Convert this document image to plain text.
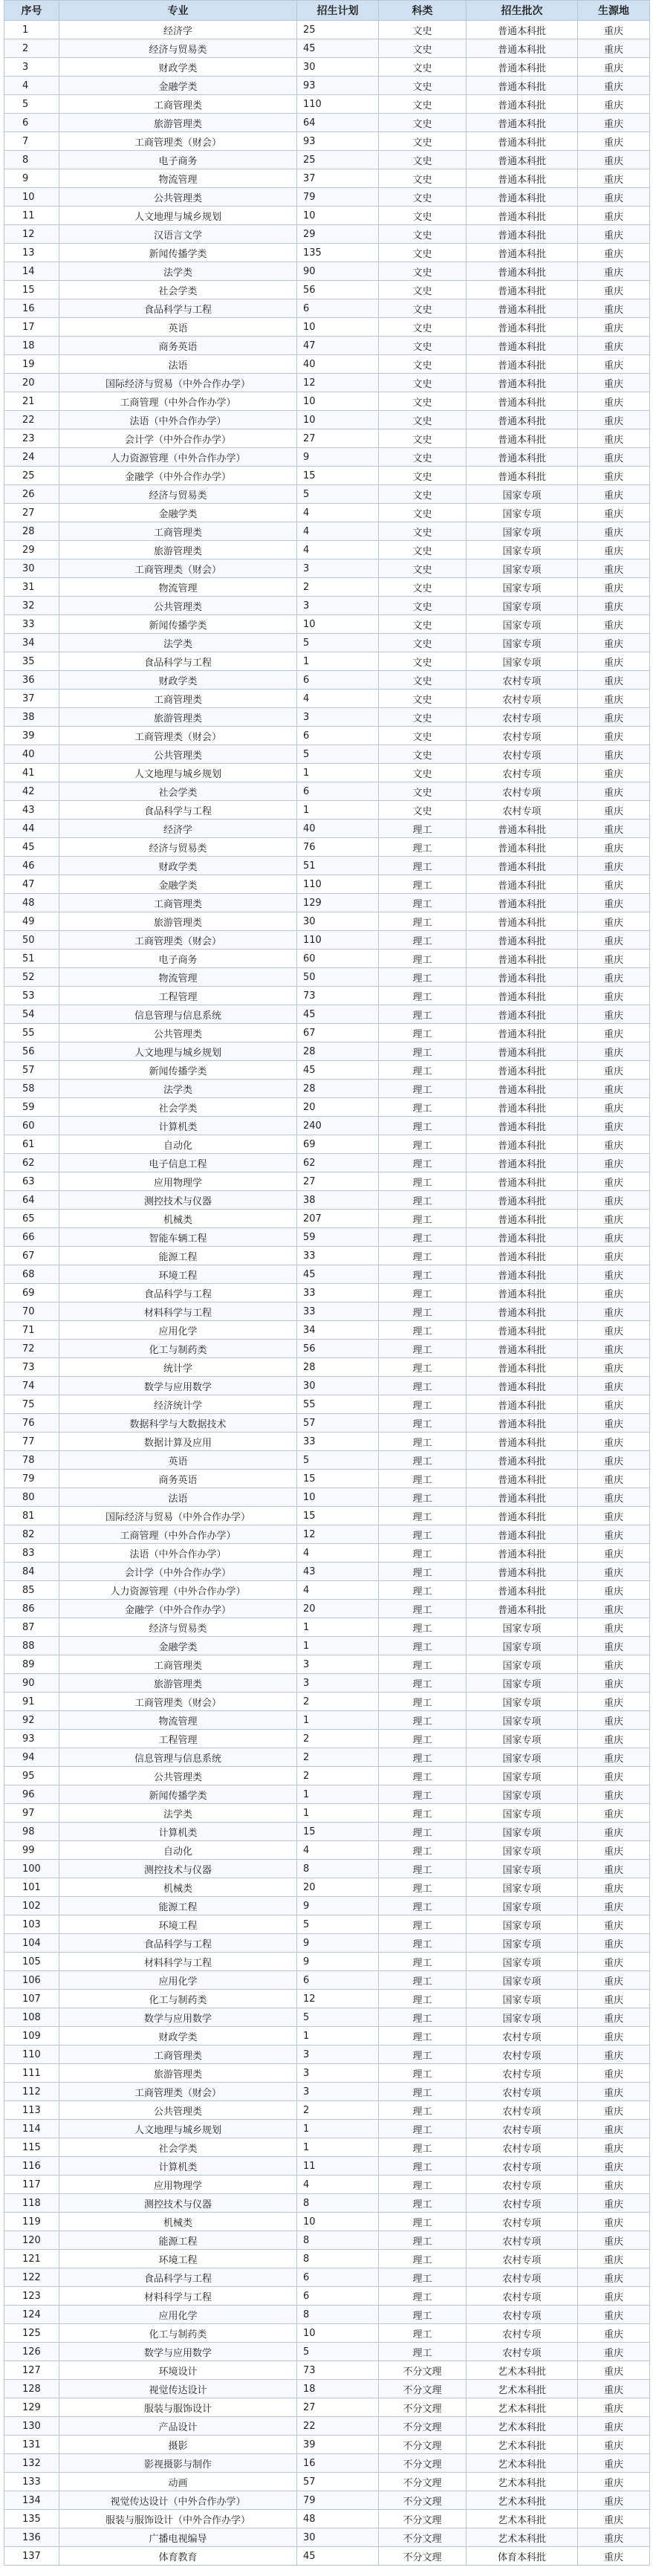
序号	专业	招生计划	科类	招生批次	生源地
1	经济学	25	文史	普通本科批	重庆
2	经济与贸易类	45	文史	普通本科批	重庆
3	财政学类	30	文史	普通本科批	重庆
4	金融学类	93	文史	普通本科批	重庆
5	工商管理类	110	文史	普通本科批	重庆
6	旅游管理类	64	文史	普通本科批	重庆
7	工商管理类（财会）	93	文史	普通本科批	重庆
8	电子商务	25	文史	普通本科批	重庆
9	物流管理	37	文史	普通本科批	重庆
10	公共管理类	79	文史	普通本科批	重庆
11	人文地理与城乡规划	10	文史	普通本科批	重庆
12	汉语言文学	29	文史	普通本科批	重庆
13	新闻传播学类	135	文史	普通本科批	重庆
14	法学类	90	文史	普通本科批	重庆
15	社会学类	56	文史	普通本科批	重庆
16	食品科学与工程	6	文史	普通本科批	重庆
17	英语	10	文史	普通本科批	重庆
18	商务英语	47	文史	普通本科批	重庆
19	法语	40	文史	普通本科批	重庆
20	国际经济与贸易（中外合作办学）	12	文史	普通本科批	重庆
21	工商管理（中外合作办学）	10	文史	普通本科批	重庆
22	法语（中外合作办学）	10	文史	普通本科批	重庆
23	会计学（中外合作办学）	27	文史	普通本科批	重庆
24	人力资源管理（中外合作办学）	9	文史	普通本科批	重庆
25	金融学（中外合作办学）	15	文史	普通本科批	重庆
26	经济与贸易类	5	文史	国家专项	重庆
27	金融学类	4	文史	国家专项	重庆
28	工商管理类	4	文史	国家专项	重庆
29	旅游管理类	4	文史	国家专项	重庆
30	工商管理类（财会）	3	文史	国家专项	重庆
31	物流管理	2	文史	国家专项	重庆
32	公共管理类	3	文史	国家专项	重庆
33	新闻传播学类	10	文史	国家专项	重庆
34	法学类	5	文史	国家专项	重庆
35	食品科学与工程	1	文史	国家专项	重庆
36	财政学类	6	文史	农村专项	重庆
37	工商管理类	4	文史	农村专项	重庆
38	旅游管理类	3	文史	农村专项	重庆
39	工商管理类（财会）	6	文史	农村专项	重庆
40	公共管理类	5	文史	农村专项	重庆
41	人文地理与城乡规划	1	文史	农村专项	重庆
42	社会学类	6	文史	农村专项	重庆
43	食品科学与工程	1	文史	农村专项	重庆
44	经济学	40	理工	普通本科批	重庆
45	经济与贸易类	76	理工	普通本科批	重庆
46	财政学类	51	理工	普通本科批	重庆
47	金融学类	110	理工	普通本科批	重庆
48	工商管理类	129	理工	普通本科批	重庆
49	旅游管理类	30	理工	普通本科批	重庆
50	工商管理类（财会）	110	理工	普通本科批	重庆
51	电子商务	60	理工	普通本科批	重庆
52	物流管理	50	理工	普通本科批	重庆
53	工程管理	73	理工	普通本科批	重庆
54	信息管理与信息系统	45	理工	普通本科批	重庆
55	公共管理类	67	理工	普通本科批	重庆
56	人文地理与城乡规划	28	理工	普通本科批	重庆
57	新闻传播学类	45	理工	普通本科批	重庆
58	法学类	28	理工	普通本科批	重庆
59	社会学类	20	理工	普通本科批	重庆
60	计算机类	240	理工	普通本科批	重庆
61	自动化	69	理工	普通本科批	重庆
62	电子信息工程	62	理工	普通本科批	重庆
63	应用物理学	27	理工	普通本科批	重庆
64	测控技术与仪器	38	理工	普通本科批	重庆
65	机械类	207	理工	普通本科批	重庆
66	智能车辆工程	59	理工	普通本科批	重庆
67	能源工程	33	理工	普通本科批	重庆
68	环境工程	45	理工	普通本科批	重庆
69	食品科学与工程	33	理工	普通本科批	重庆
70	材料科学与工程	33	理工	普通本科批	重庆
71	应用化学	34	理工	普通本科批	重庆
72	化工与制药类	56	理工	普通本科批	重庆
73	统计学	28	理工	普通本科批	重庆
74	数学与应用数学	30	理工	普通本科批	重庆
75	经济统计学	55	理工	普通本科批	重庆
76	数据科学与大数据技术	57	理工	普通本科批	重庆
77	数据计算及应用	33	理工	普通本科批	重庆
78	英语	5	理工	普通本科批	重庆
79	商务英语	15	理工	普通本科批	重庆
80	法语	10	理工	普通本科批	重庆
81	国际经济与贸易（中外合作办学）	15	理工	普通本科批	重庆
82	工商管理（中外合作办学）	12	理工	普通本科批	重庆
83	法语（中外合作办学）	4	理工	普通本科批	重庆
84	会计学（中外合作办学）	43	理工	普通本科批	重庆
85	人力资源管理（中外合作办学）	4	理工	普通本科批	重庆
86	金融学（中外合作办学）	20	理工	普通本科批	重庆
87	经济与贸易类	1	理工	国家专项	重庆
88	金融学类	1	理工	国家专项	重庆
89	工商管理类	3	理工	国家专项	重庆
90	旅游管理类	3	理工	国家专项	重庆
91	工商管理类（财会）	2	理工	国家专项	重庆
92	物流管理	1	理工	国家专项	重庆
93	工程管理	2	理工	国家专项	重庆
94	信息管理与信息系统	2	理工	国家专项	重庆
95	公共管理类	2	理工	国家专项	重庆
96	新闻传播学类	1	理工	国家专项	重庆
97	法学类	1	理工	国家专项	重庆
98	计算机类	15	理工	国家专项	重庆
99	自动化	4	理工	国家专项	重庆
100	测控技术与仪器	8	理工	国家专项	重庆
101	机械类	20	理工	国家专项	重庆
102	能源工程	9	理工	国家专项	重庆
103	环境工程	5	理工	国家专项	重庆
104	食品科学与工程	9	理工	国家专项	重庆
105	材料科学与工程	9	理工	国家专项	重庆
106	应用化学	6	理工	国家专项	重庆
107	化工与制药类	12	理工	国家专项	重庆
108	数学与应用数学	5	理工	国家专项	重庆
109	财政学类	1	理工	农村专项	重庆
110	工商管理类	3	理工	农村专项	重庆
111	旅游管理类	3	理工	农村专项	重庆
112	工商管理类（财会）	3	理工	农村专项	重庆
113	公共管理类	2	理工	农村专项	重庆
114	人文地理与城乡规划	1	理工	农村专项	重庆
115	社会学类	1	理工	农村专项	重庆
116	计算机类	11	理工	农村专项	重庆
117	应用物理学	4	理工	农村专项	重庆
118	测控技术与仪器	8	理工	农村专项	重庆
119	机械类	10	理工	农村专项	重庆
120	能源工程	8	理工	农村专项	重庆
121	环境工程	8	理工	农村专项	重庆
122	食品科学与工程	6	理工	农村专项	重庆
123	材料科学与工程	6	理工	农村专项	重庆
124	应用化学	8	理工	农村专项	重庆
125	化工与制药类	10	理工	农村专项	重庆
126	数学与应用数学	5	理工	农村专项	重庆
127	环境设计	73	不分文理	艺术本科批	重庆
128	视觉传达设计	18	不分文理	艺术本科批	重庆
129	服装与服饰设计	27	不分文理	艺术本科批	重庆
130	产品设计	22	不分文理	艺术本科批	重庆
131	摄影	39	不分文理	艺术本科批	重庆
132	影视摄影与制作	16	不分文理	艺术本科批	重庆
133	动画	57	不分文理	艺术本科批	重庆
134	视觉传达设计（中外合作办学）	79	不分文理	艺术本科批	重庆
135	服装与服饰设计（中外合作办学）	48	不分文理	艺术本科批	重庆
136	广播电视编导	30	不分文理	艺术本科批	重庆
137	体育教育	45	不分文理	体育本科批	重庆
